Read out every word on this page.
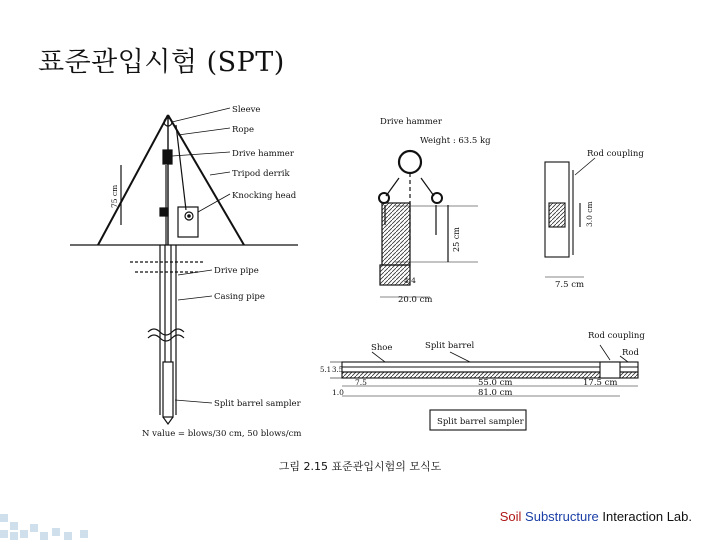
표준관입시험 (SPT)
Sleeve
Rope
Drive hammer
Tripod derrik
Knocking head
Drive pipe
Casing pipe
Split barrel sampler
N value = blows/30 cm, 50 blows/cm
75 cm
Drive hammer
Weight : 63.5 kg
4.4
20.0 cm
25 cm
Rod coupling
7.5 cm
3.0 cm
Shoe	Split barrel
Rod coupling
Rod
5.1 3.5
7.5	55.0 cm	17.5 cm
81.0 cm
1.0
Split barrel sampler
그림 2.15 표준관입시험의 모식도
Soil Substructure Interaction Lab.
